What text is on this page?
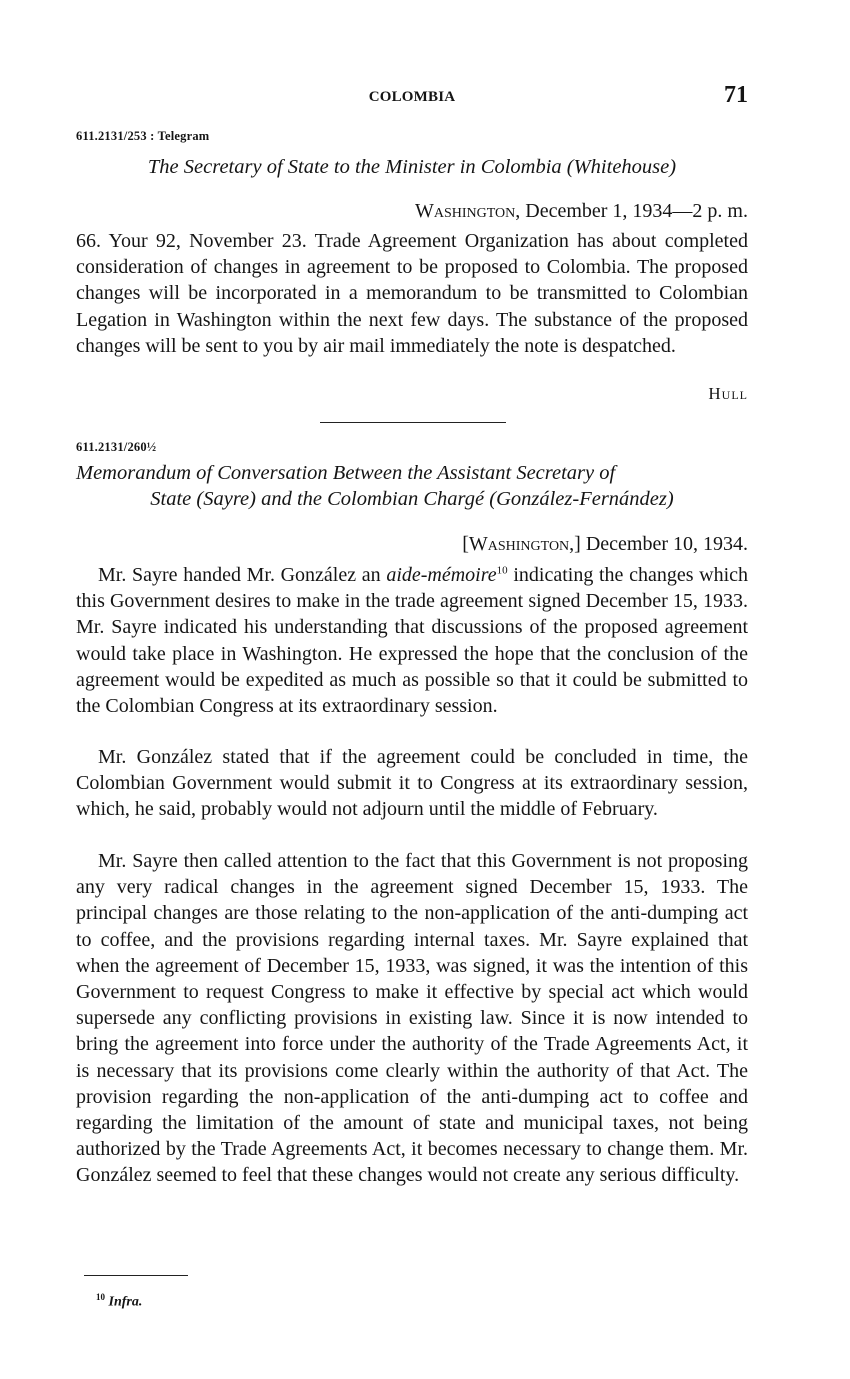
COLOMBIA	71
611.2131/253 : Telegram
The Secretary of State to the Minister in Colombia (Whitehouse)
Washington, December 1, 1934—2 p. m.

66. Your 92, November 23. Trade Agreement Organization has about completed consideration of changes in agreement to be proposed to Colombia. The proposed changes will be incorporated in a memorandum to be transmitted to Colombian Legation in Washington within the next few days. The substance of the proposed changes will be sent to you by air mail immediately the note is despatched.

Hull
611.2131/260½
Memorandum of Conversation Between the Assistant Secretary of
State (Sayre) and the Colombian Chargé (González-Fernández)
[Washington,] December 10, 1934.

Mr. Sayre handed Mr. González an aide-mémoire$^{10}$ indicating the changes which this Government desires to make in the trade agreement signed December 15, 1933. Mr. Sayre indicated his understanding that discussions of the proposed agreement would take place in Washington. He expressed the hope that the conclusion of the agreement would be expedited as much as possible so that it could be submitted to the Colombian Congress at its extraordinary session.

Mr. González stated that if the agreement could be concluded in time, the Colombian Government would submit it to Congress at its extraordinary session, which, he said, probably would not adjourn until the middle of February.

Mr. Sayre then called attention to the fact that this Government is not proposing any very radical changes in the agreement signed December 15, 1933. The principal changes are those relating to the non-application of the anti-dumping act to coffee, and the provisions regarding internal taxes. Mr. Sayre explained that when the agreement of December 15, 1933, was signed, it was the intention of this Government to request Congress to make it effective by special act which would supersede any conflicting provisions in existing law. Since it is now intended to bring the agreement into force under the authority of the Trade Agreements Act, it is necessary that its provisions come clearly within the authority of that Act. The provision regarding the non-application of the anti-dumping act to coffee and regarding the limitation of the amount of state and municipal taxes, not being authorized by the Trade Agreements Act, it becomes necessary to change them. Mr. González seemed to feel that these changes would not create any serious difficulty.

$^{10}$ Infra.
